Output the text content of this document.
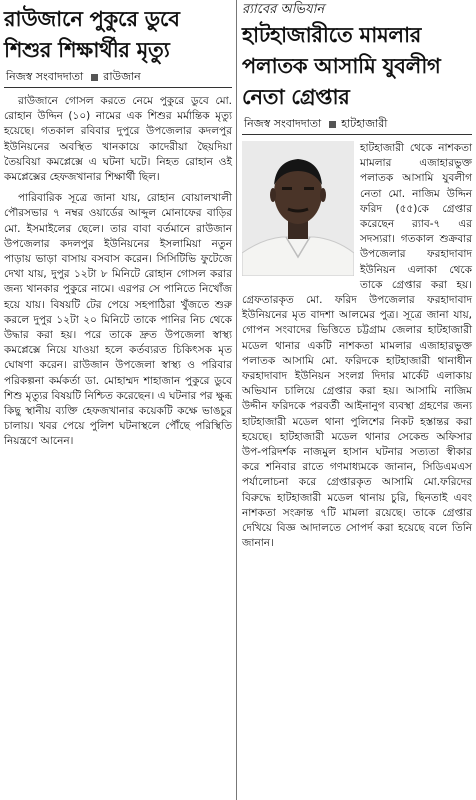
রাউজানে পুকুরে ডুবে শিশুর শিক্ষার্থীর মৃত্যু
নিজস্ব সংবাদদাতা রাউজান

রাউজানে গোসল করতে নেমে পুকুরে ডুবে মো. রোহান উদ্দিন (১০) নামের এক শিশুর মর্মান্তিক মৃত্যু হয়েছে। গতকাল রবিবার দুপুরে উপজেলার কদলপুর ইউনিয়নের অবস্থিত খানকায়ে কাদেরীয়া ছৈয়দিয়া তৈয়বিয়া কমপ্লেক্সে এ ঘটনা ঘটে। নিহত রোহান ওই কমপ্লেক্সের হেফজখানার শিক্ষার্থী ছিল।

পারিবারিক সূত্রে জানা যায়, রোহান বোয়ালখালী পৌরসভার ৭ নম্বর ওয়ার্ডের আব্দুল মোনাফের বাড়ির মো. ইসমাইলের ছেলে। তার বাবা বর্তমানে রাউজান উপজেলার কদলপুর ইউনিয়নের ইসলামিয়া নতুন পাড়ায় ভাড়া বাসায় বসবাস করেন। সিসিটিভি ফুটেজে দেখা যায়, দুপুর ১২টা ৮ মিনিটে রোহান গোসল করার জন্য খানকার পুকুরে নামে। এরপর সে পানিতে নিখোঁজ হয়ে যায়। বিষয়টি টের পেয়ে সহপাঠিরা খুঁজতে শুরু করলে দুপুর ১২টা ২০ মিনিটে তাকে পানির নিচ থেকে উদ্ধার করা হয়। পরে তাকে দ্রুত উপজেলা স্বাস্থ্য কমপ্লেক্সে নিয়ে যাওয়া হলে কর্তব্যরত চিকিৎসক মৃত ঘোষণা করেন। রাউজান উপজেলা স্বাস্থ্য ও পরিবার পরিকল্পনা কর্মকর্তা ডা. মোহাম্মদ শাহাজান পুকুরে ডুবে শিশু মৃত্যুর বিষয়টি নিশ্চিত করেছেন। এ ঘটনার পর ক্ষুব্ধ কিছু স্থানীয় ব্যক্তি হেফজখানার কয়েকটি কক্ষে ভাঙচুর চালায়। খবর পেয়ে পুলিশ ঘটনাস্থলে পৌঁছে পরিস্থিতি নিয়ন্ত্রণে আনেন।

র‌্যাবের অভিযান
হাটহাজারীতে মামলার পলাতক আসামি যুবলীগ নেতা গ্রেপ্তার
নিজস্ব সংবাদদাতা হাটহাজারী

হাটহাজারী থেকে নাশকতা মামলার এজাহারভুক্ত পলাতক আসামি যুবলীগ নেতা মো. নাজিম উদ্দিন ফরিদ (৫৫)কে গ্রেপ্তার করেছেন র‌্যাব-৭ এর সদস্যরা। গতকাল শুক্রবার উপজেলার ফরহাদাবাদ ইউনিয়ন এলাকা থেকে তাকে গ্রেপ্তার করা হয়। গ্রেফতারকৃত মো. ফরিদ উপজেলার ফরহাদাবাদ ইউনিয়নের মৃত বাদশা আলমের পুত্র। সূত্রে জানা যায়, গোপন সংবাদের ভিত্তিতে চট্টগ্রাম জেলার হাটহাজারী মডেল থানার একটি নাশকতা মামলার এজাহারভুক্ত পলাতক আসামি মো. ফরিদকে হাটহাজারী থানাধীন ফরহাদাবাদ ইউনিয়ন সংলগ্ন দিদার মার্কেট এলাকায় অভিযান চালিয়ে গ্রেপ্তার করা হয়। আসামি নাজিম উদ্দীন ফরিদকে পরবর্তী আইনানুগ ব্যবস্থা গ্রহণের জন্য হাটহাজারী মডেল থানা পুলিশের নিকট হস্তান্তর করা হয়েছে। হাটহাজারী মডেল থানার সেকেন্ড অফিসার উপ-পরিদর্শক নাজমুল হাসান ঘটনার সত্যতা স্বীকার করে শনিবার রাতে গণমাধ্যমকে জানান, সিডিএমএস পর্যালোচনা করে গ্রেপ্তারকৃত আসামি মো.ফরিদের বিরুদ্ধে হাটহাজারী মডেল থানায় চুরি, ছিনতাই এবং নাশকতা সংক্রান্ত ৭টি মামলা রয়েছে। তাকে গ্রেপ্তার দেখিয়ে বিজ্ঞ আদালতে সোপর্দ করা হয়েছে বলে তিনি জানান।
